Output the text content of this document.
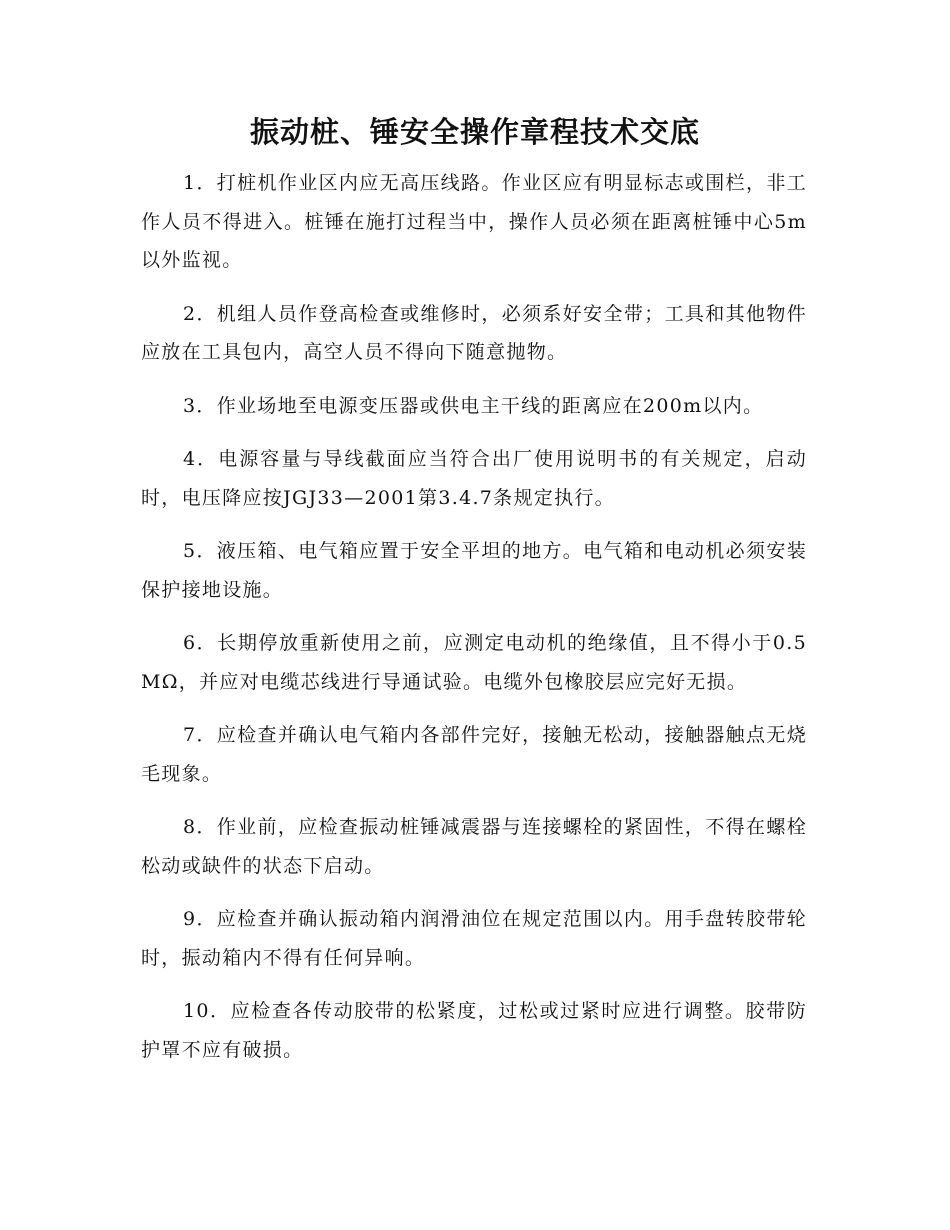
振动桩、锤安全操作章程技术交底

1．打桩机作业区内应无高压线路。作业区应有明显标志或围栏，非工作人员不得进入。桩锤在施打过程当中，操作人员必须在距离桩锤中心5m以外监视。

2．机组人员作登高检查或维修时，必须系好安全带；工具和其他物件应放在工具包内，高空人员不得向下随意抛物。

3．作业场地至电源变压器或供电主干线的距离应在200m以内。

4．电源容量与导线截面应当符合出厂使用说明书的有关规定，启动时，电压降应按JGJ33—2001第3.4.7条规定执行。

5．液压箱、电气箱应置于安全平坦的地方。电气箱和电动机必须安装保护接地设施。

6．长期停放重新使用之前，应测定电动机的绝缘值，且不得小于0.5MΩ，并应对电缆芯线进行导通试验。电缆外包橡胶层应完好无损。

7．应检查并确认电气箱内各部件完好，接触无松动，接触器触点无烧毛现象。

8．作业前，应检查振动桩锤减震器与连接螺栓的紧固性，不得在螺栓松动或缺件的状态下启动。

9．应检查并确认振动箱内润滑油位在规定范围以内。用手盘转胶带轮时，振动箱内不得有任何异响。

10．应检查各传动胶带的松紧度，过松或过紧时应进行调整。胶带防护罩不应有破损。
